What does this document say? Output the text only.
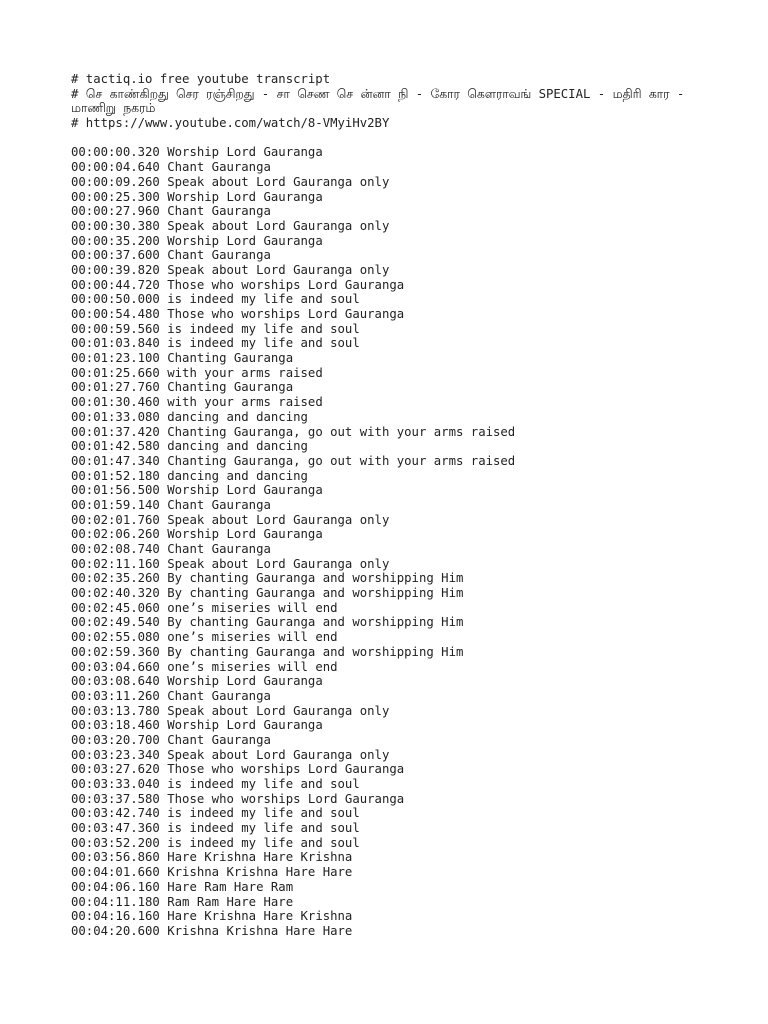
# tactiq.io free youtube transcript
# செ காண்கிறது செர ரஞ்சிறது - சா செண செ ன்னா நி - கோர கெளராவங் SPECIAL - மதிரி கார - மாணிறு நகரம்
# https://www.youtube.com/watch/8-VMyiHv2BY
00:00:00.320 Worship Lord Gauranga
00:00:04.640 Chant Gauranga
00:00:09.260 Speak about Lord Gauranga only
00:00:25.300 Worship Lord Gauranga
00:00:27.960 Chant Gauranga
00:00:30.380 Speak about Lord Gauranga only
00:00:35.200 Worship Lord Gauranga
00:00:37.600 Chant Gauranga
00:00:39.820 Speak about Lord Gauranga only
00:00:44.720 Those who worships Lord Gauranga
00:00:50.000 is indeed my life and soul
00:00:54.480 Those who worships Lord Gauranga
00:00:59.560 is indeed my life and soul
00:01:03.840 is indeed my life and soul
00:01:23.100 Chanting Gauranga
00:01:25.660 with your arms raised
00:01:27.760 Chanting Gauranga
00:01:30.460 with your arms raised
00:01:33.080 dancing and dancing
00:01:37.420 Chanting Gauranga, go out with your arms raised
00:01:42.580 dancing and dancing
00:01:47.340 Chanting Gauranga, go out with your arms raised
00:01:52.180 dancing and dancing
00:01:56.500 Worship Lord Gauranga
00:01:59.140 Chant Gauranga
00:02:01.760 Speak about Lord Gauranga only
00:02:06.260 Worship Lord Gauranga
00:02:08.740 Chant Gauranga
00:02:11.160 Speak about Lord Gauranga only
00:02:35.260 By chanting Gauranga and worshipping Him
00:02:40.320 By chanting Gauranga and worshipping Him
00:02:45.060 one’s miseries will end
00:02:49.540 By chanting Gauranga and worshipping Him
00:02:55.080 one’s miseries will end
00:02:59.360 By chanting Gauranga and worshipping Him
00:03:04.660 one’s miseries will end
00:03:08.640 Worship Lord Gauranga
00:03:11.260 Chant Gauranga
00:03:13.780 Speak about Lord Gauranga only
00:03:18.460 Worship Lord Gauranga
00:03:20.700 Chant Gauranga
00:03:23.340 Speak about Lord Gauranga only
00:03:27.620 Those who worships Lord Gauranga
00:03:33.040 is indeed my life and soul
00:03:37.580 Those who worships Lord Gauranga
00:03:42.740 is indeed my life and soul
00:03:47.360 is indeed my life and soul
00:03:52.200 is indeed my life and soul
00:03:56.860 Hare Krishna Hare Krishna
00:04:01.660 Krishna Krishna Hare Hare
00:04:06.160 Hare Ram Hare Ram
00:04:11.180 Ram Ram Hare Hare
00:04:16.160 Hare Krishna Hare Krishna
00:04:20.600 Krishna Krishna Hare Hare
